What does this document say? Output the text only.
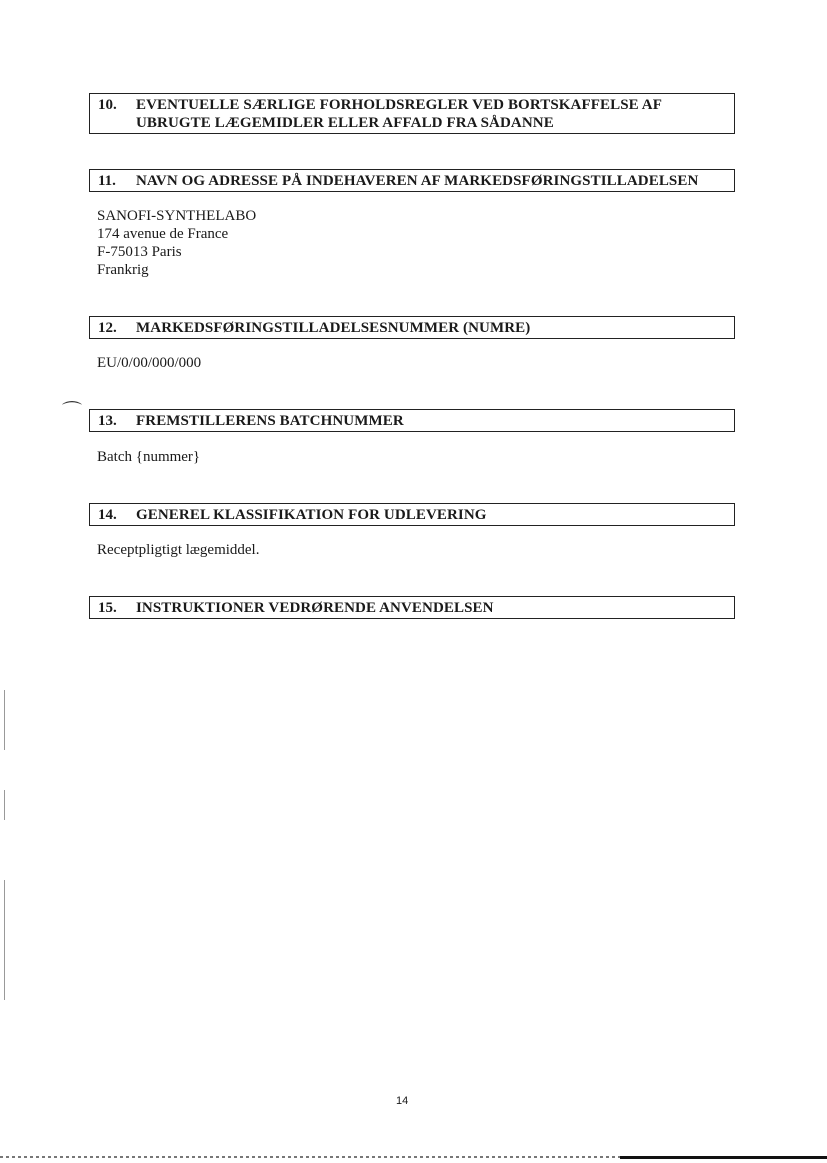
10. EVENTUELLE SÆRLIGE FORHOLDSREGLER VED BORTSKAFFELSE AF
UBRUGTE LÆGEMIDLER ELLER AFFALD FRA SÅDANNE
11. NAVN OG ADRESSE PÅ INDEHAVEREN AF MARKEDSFØRINGSTILLADELSEN
SANOFI-SYNTHELABO
174 avenue de France
F-75013 Paris
Frankrig
12. MARKEDSFØRINGSTILLADELSESNUMMER (NUMRE)
EU/0/00/000/000
⌒ 13. FREMSTILLERENS BATCHNUMMER
Batch {nummer}
14. GENEREL KLASSIFIKATION FOR UDLEVERING
Receptpligtigt lægemiddel.
15. INSTRUKTIONER VEDRØRENDE ANVENDELSEN
14
